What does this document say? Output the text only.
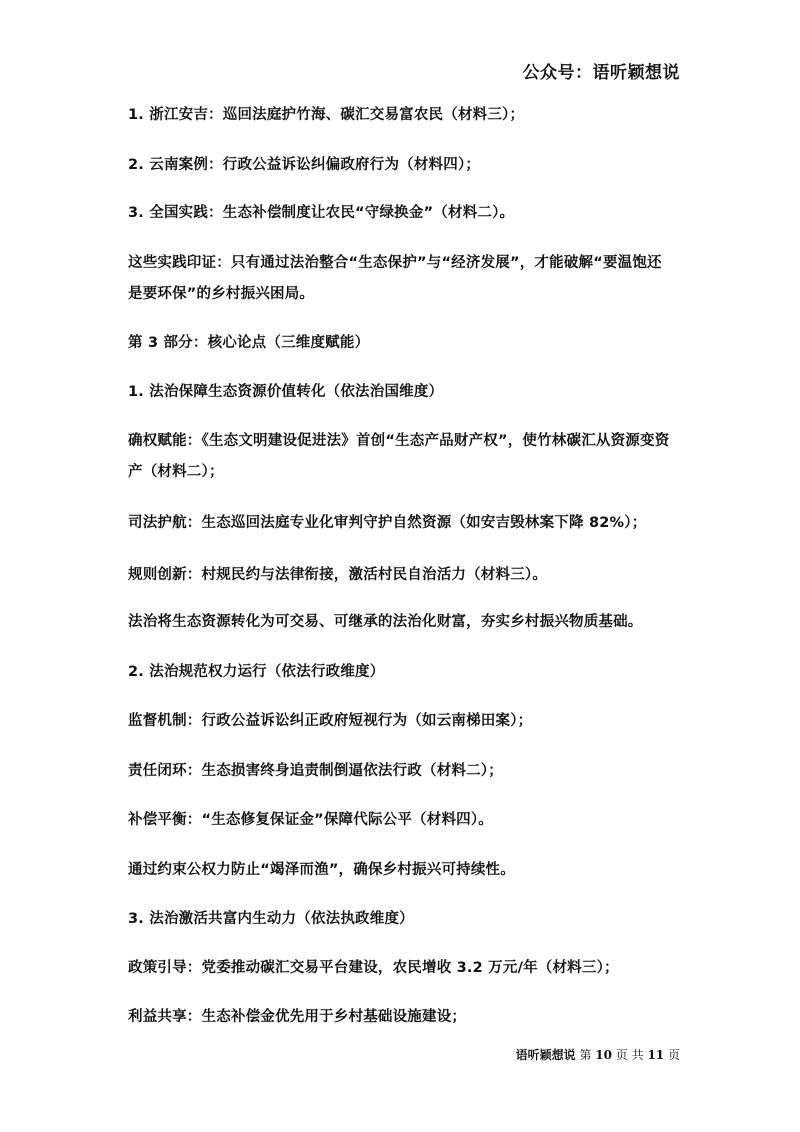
公众号：语听颖想说
1. 浙江安吉：巡回法庭护竹海、碳汇交易富农民（材料三）；
2. 云南案例：行政公益诉讼纠偏政府行为（材料四）；
3. 全国实践：生态补偿制度让农民“守绿换金”（材料二）。
这些实践印证：只有通过法治整合“生态保护”与“经济发展”，才能破解“要温饱还是要环保”的乡村振兴困局。
第 3 部分：核心论点（三维度赋能）
1. 法治保障生态资源价值转化（依法治国维度）
确权赋能：《生态文明建设促进法》首创“生态产品财产权”，使竹林碳汇从资源变资产（材料二）；
司法护航：生态巡回法庭专业化审判守护自然资源（如安吉毁林案下降 82%）；
规则创新：村规民约与法律衔接，激活村民自治活力（材料三）。
法治将生态资源转化为可交易、可继承的法治化财富，夯实乡村振兴物质基础。
2. 法治规范权力运行（依法行政维度）
监督机制：行政公益诉讼纠正政府短视行为（如云南梯田案）；
责任闭环：生态损害终身追责制倒逼依法行政（材料二）；
补偿平衡：“生态修复保证金”保障代际公平（材料四）。
通过约束公权力防止“竭泽而渔”，确保乡村振兴可持续性。
3. 法治激活共富内生动力（依法执政维度）
政策引导：党委推动碳汇交易平台建设，农民增收 3.2 万元/年（材料三）；
利益共享：生态补偿金优先用于乡村基础设施建设；
语听颖想说 第 10 页 共 11 页
